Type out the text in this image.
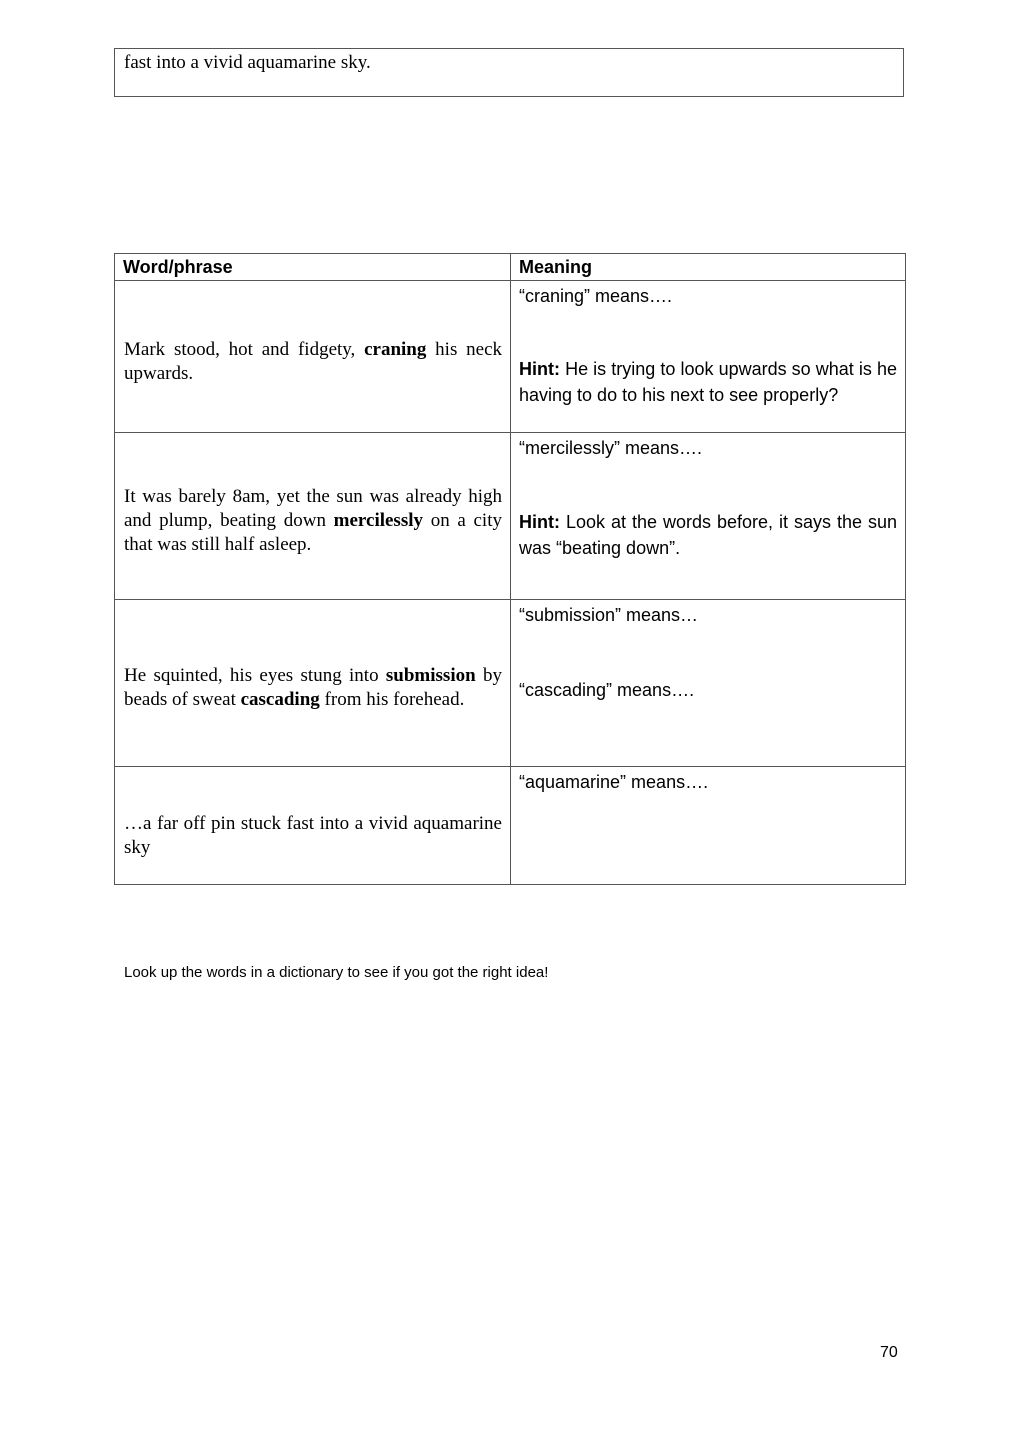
fast into a vivid aquamarine sky.
Word/phrase	Meaning
Mark stood, hot and fidgety, craning his neck upwards.	“craning” means….
Hint: He is trying to look upwards so what is he having to do to his next to see properly?

It was barely 8am, yet the sun was already high and plump, beating down mercilessly on a city that was still half asleep.	“mercilessly” means….
Hint: Look at the words before, it says the sun was “beating down”.

He squinted, his eyes stung into submission by beads of sweat cascading from his forehead.	“submission” means…
“cascading” means….

…a far off pin stuck fast into a vivid aquamarine sky	“aquamarine” means….
Look up the words in a dictionary to see if you got the right idea!
70
